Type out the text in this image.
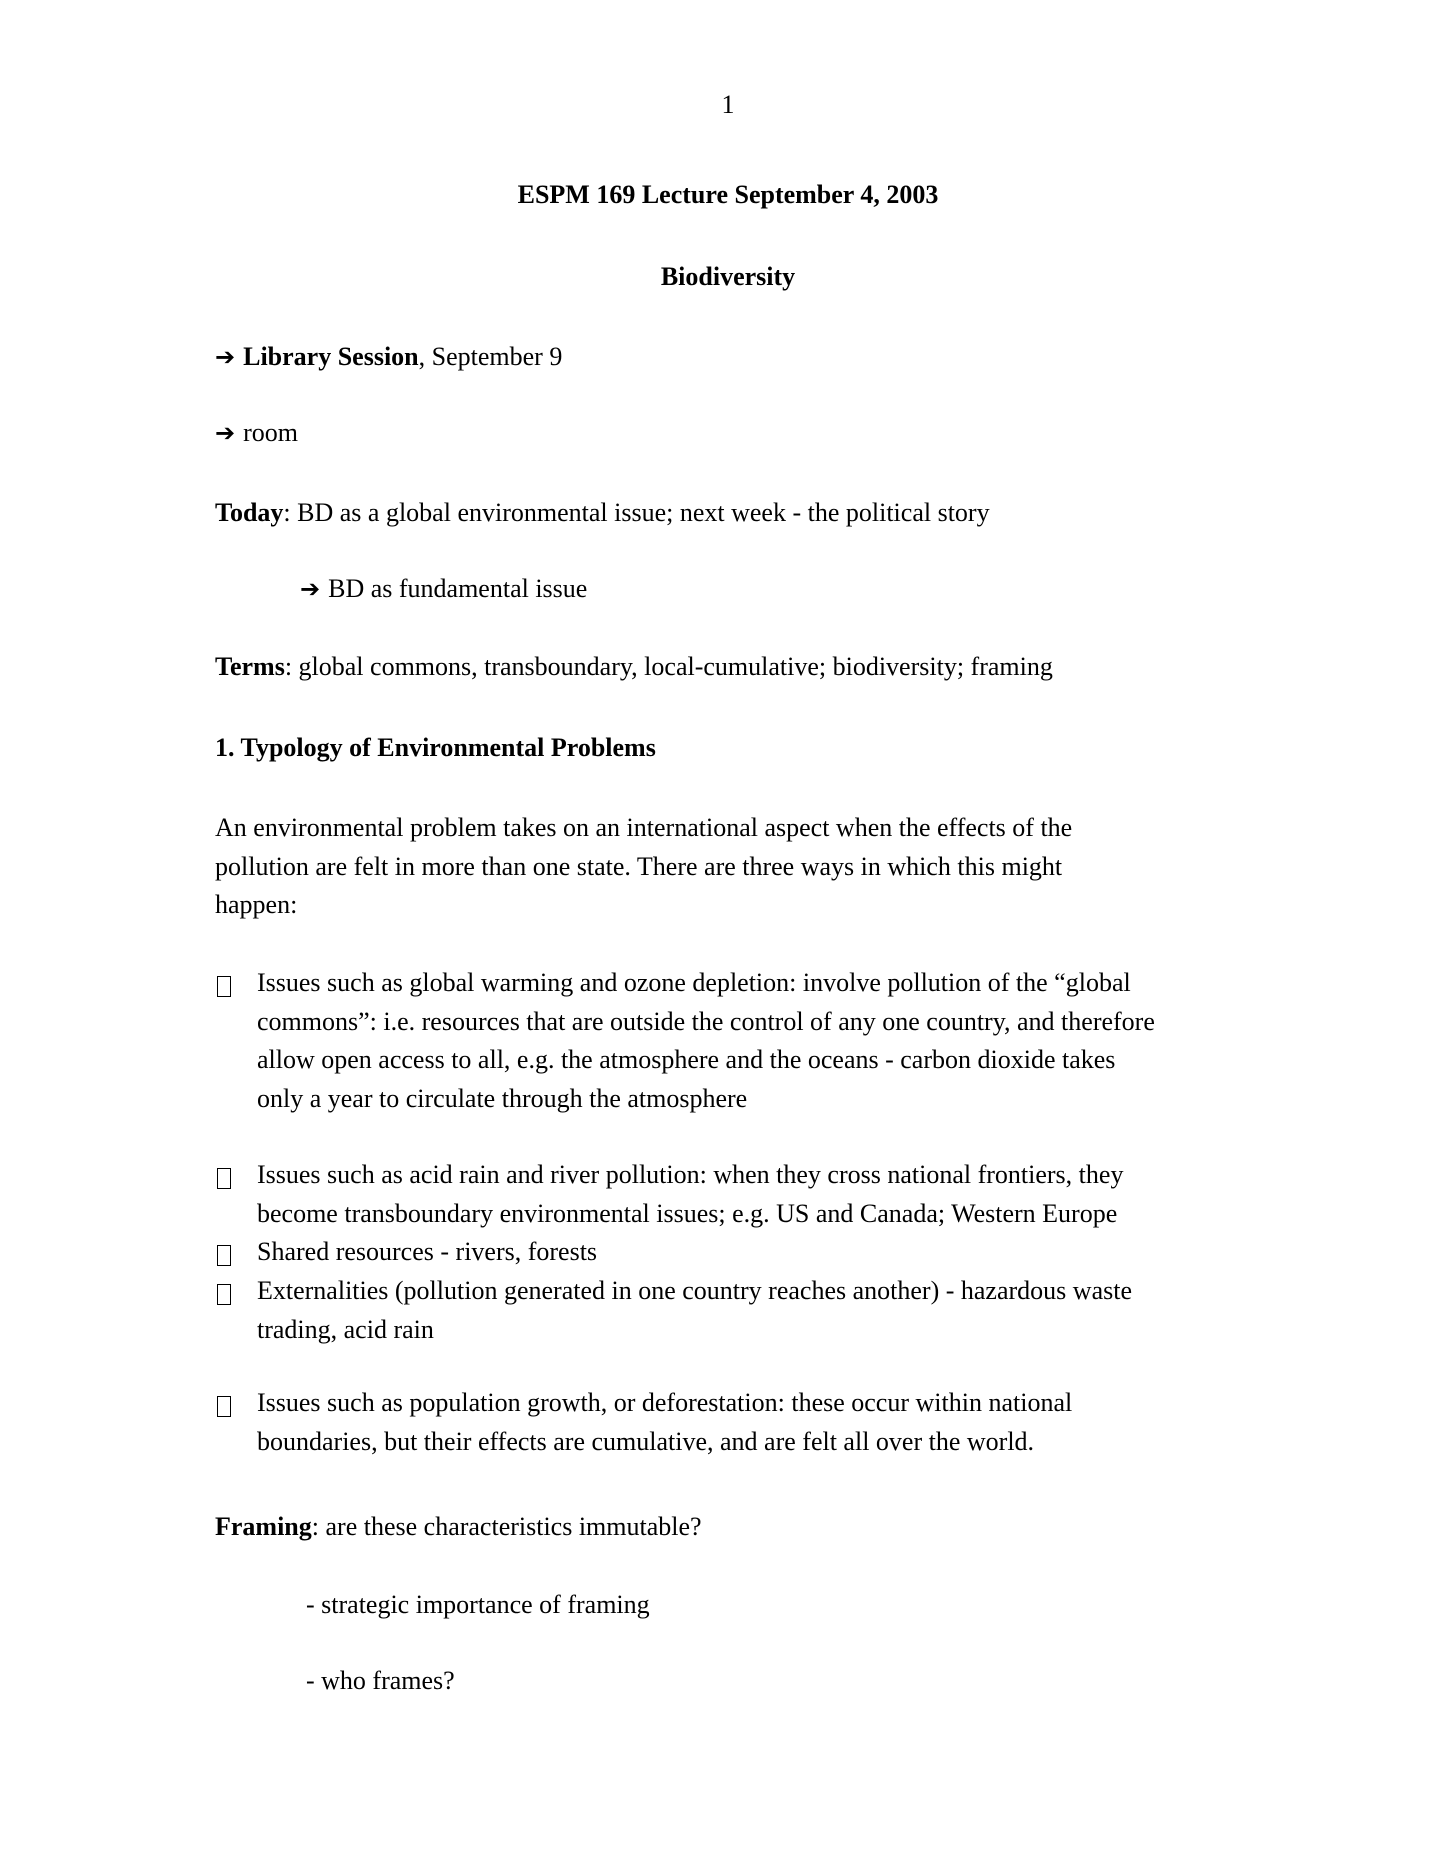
1
ESPM 169 Lecture September 4, 2003
Biodiversity
➔ Library Session, September 9
➔ room
Today: BD as a global environmental issue; next week - the political story
➔ BD as fundamental issue
Terms: global commons, transboundary, local-cumulative; biodiversity; framing
1. Typology of Environmental Problems
An environmental problem takes on an international aspect when the effects of the
pollution are felt in more than one state. There are three ways in which this might
happen:
Issues such as global warming and ozone depletion: involve pollution of the “global
commons”: i.e. resources that are outside the control of any one country, and therefore
allow open access to all, e.g. the atmosphere and the oceans - carbon dioxide takes
only a year to circulate through the atmosphere
Issues such as acid rain and river pollution: when they cross national frontiers, they
become transboundary environmental issues; e.g. US and Canada; Western Europe
Shared resources - rivers, forests
Externalities (pollution generated in one country reaches another) - hazardous waste
trading, acid rain
Issues such as population growth, or deforestation: these occur within national
boundaries, but their effects are cumulative, and are felt all over the world.
Framing: are these characteristics immutable?
- strategic importance of framing
- who frames?
